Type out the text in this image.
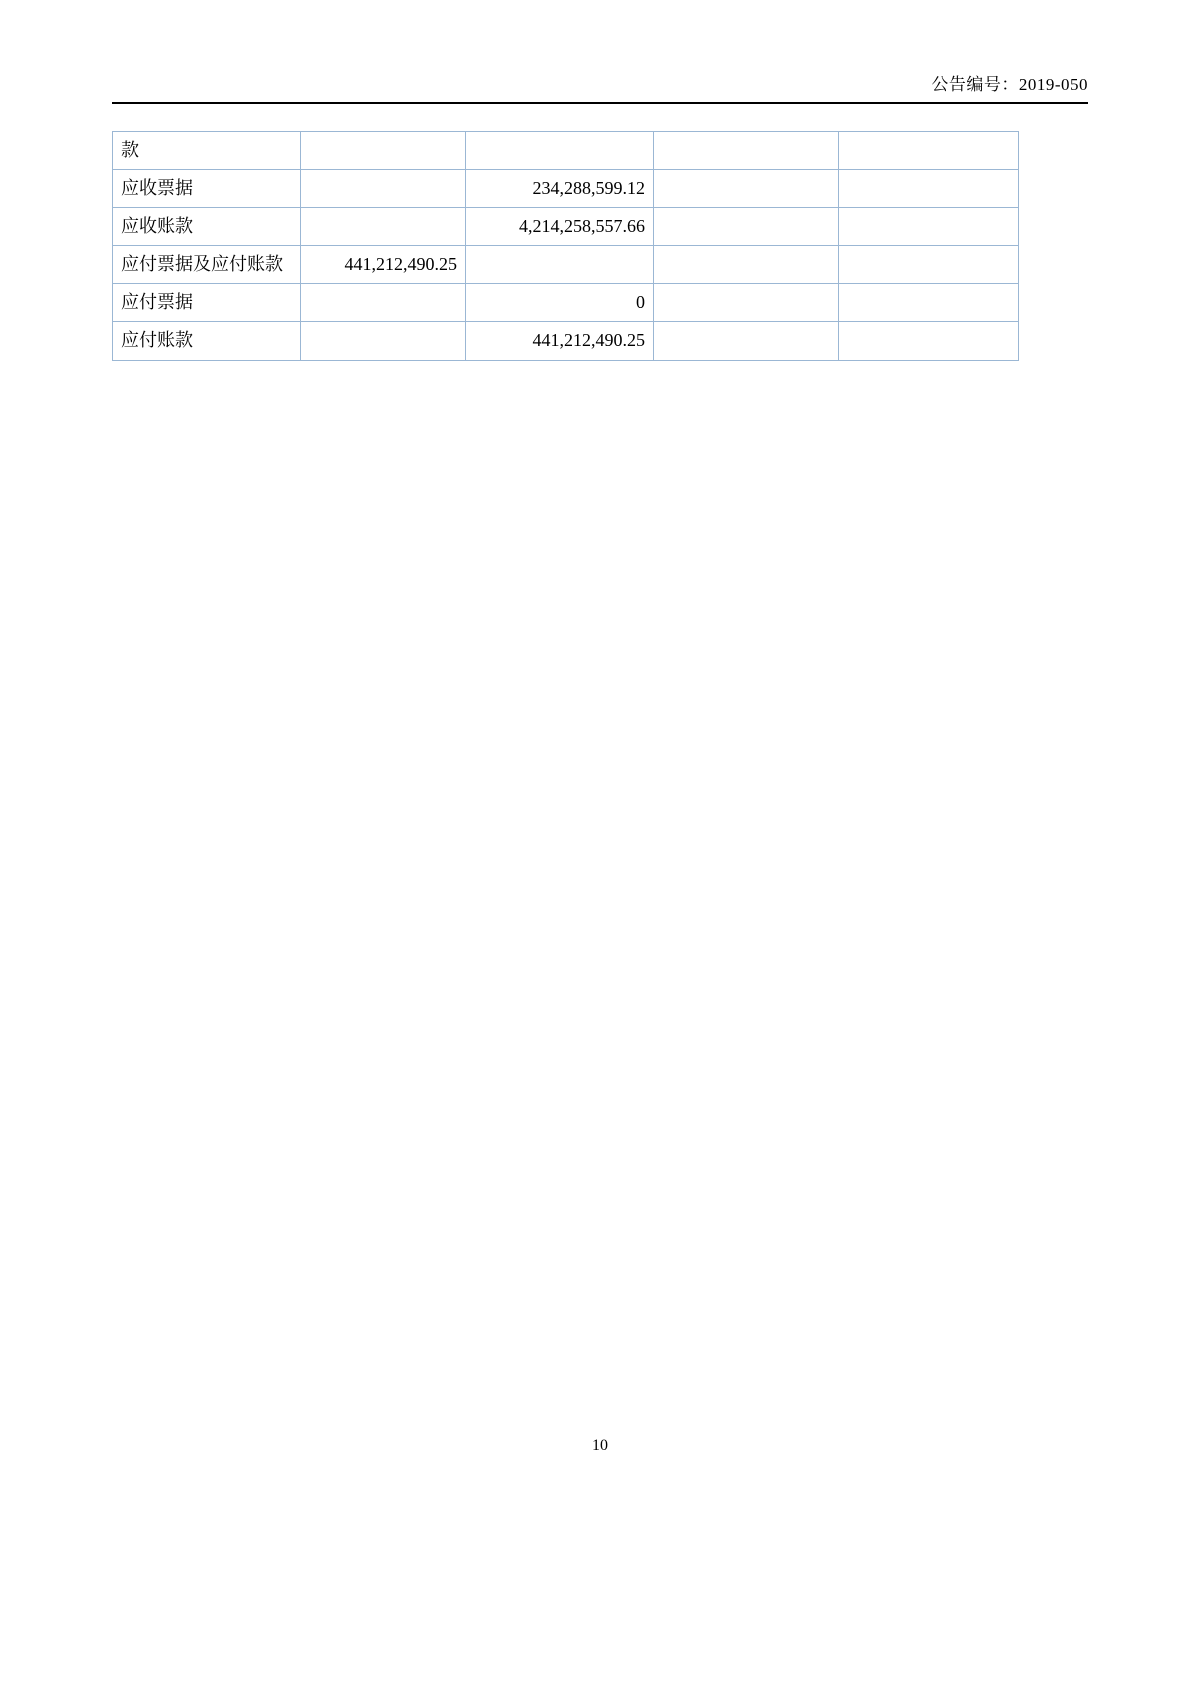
公告编号：2019-050
款				
应收票据		234,288,599.12		
应收账款		4,214,258,557.66		
应付票据及应付账款	441,212,490.25			
应付票据		0		
应付账款		441,212,490.25		
10
